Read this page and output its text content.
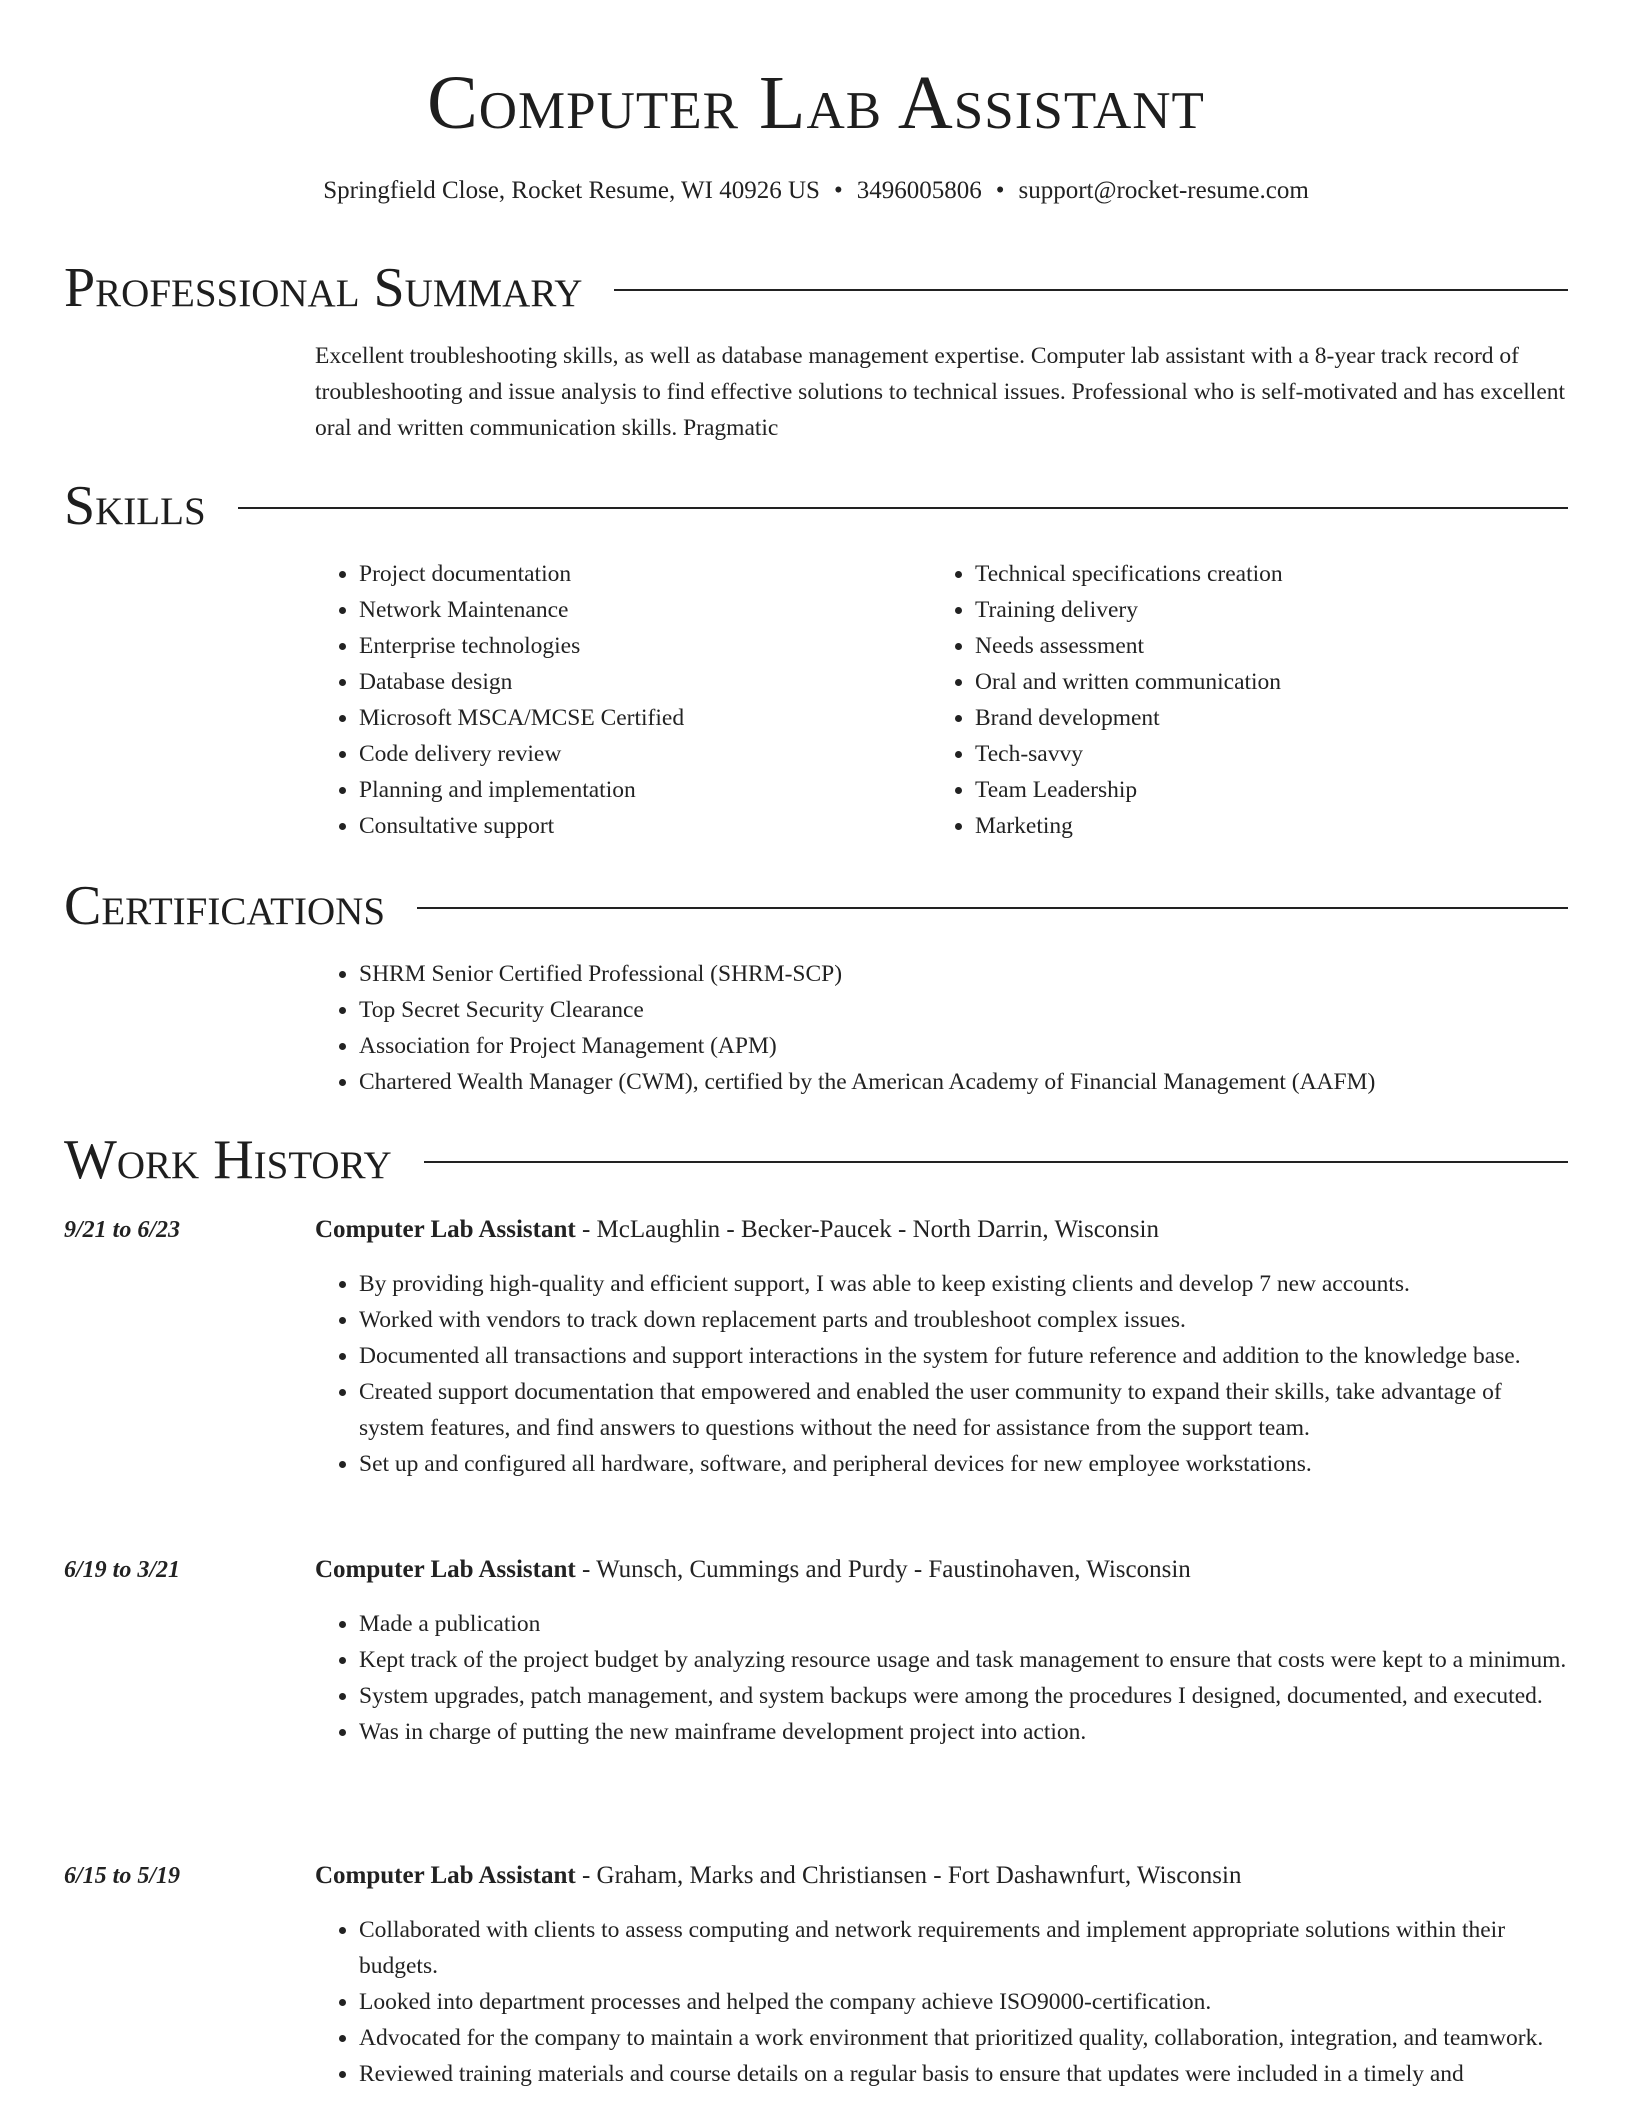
Computer Lab Assistant
Springfield Close, Rocket Resume, WI 40926 US • 3496005806 • support@rocket-resume.com
Professional Summary
Excellent troubleshooting skills, as well as database management expertise. Computer lab assistant with a 8-year track record of troubleshooting and issue analysis to find effective solutions to technical issues. Professional who is self-motivated and has excellent oral and written communication skills. Pragmatic
Skills
• Project documentation
• Network Maintenance
• Enterprise technologies
• Database design
• Microsoft MSCA/MCSE Certified
• Code delivery review
• Planning and implementation
• Consultative support
• Technical specifications creation
• Training delivery
• Needs assessment
• Oral and written communication
• Brand development
• Tech-savvy
• Team Leadership
• Marketing
Certifications
• SHRM Senior Certified Professional (SHRM-SCP)
• Top Secret Security Clearance
• Association for Project Management (APM)
• Chartered Wealth Manager (CWM), certified by the American Academy of Financial Management (AAFM)
Work History
9/21 to 6/23	Computer Lab Assistant - McLaughlin - Becker-Paucek - North Darrin, Wisconsin
• By providing high-quality and efficient support, I was able to keep existing clients and develop 7 new accounts.
• Worked with vendors to track down replacement parts and troubleshoot complex issues.
• Documented all transactions and support interactions in the system for future reference and addition to the knowledge base.
• Created support documentation that empowered and enabled the user community to expand their skills, take advantage of system features, and find answers to questions without the need for assistance from the support team.
• Set up and configured all hardware, software, and peripheral devices for new employee workstations.
6/19 to 3/21	Computer Lab Assistant - Wunsch, Cummings and Purdy - Faustinohaven, Wisconsin
• Made a publication
• Kept track of the project budget by analyzing resource usage and task management to ensure that costs were kept to a minimum.
• System upgrades, patch management, and system backups were among the procedures I designed, documented, and executed.
• Was in charge of putting the new mainframe development project into action.
6/15 to 5/19	Computer Lab Assistant - Graham, Marks and Christiansen - Fort Dashawnfurt, Wisconsin
• Collaborated with clients to assess computing and network requirements and implement appropriate solutions within their budgets.
• Looked into department processes and helped the company achieve ISO9000-certification.
• Advocated for the company to maintain a work environment that prioritized quality, collaboration, integration, and teamwork.
• Reviewed training materials and course details on a regular basis to ensure that updates were included in a timely and
